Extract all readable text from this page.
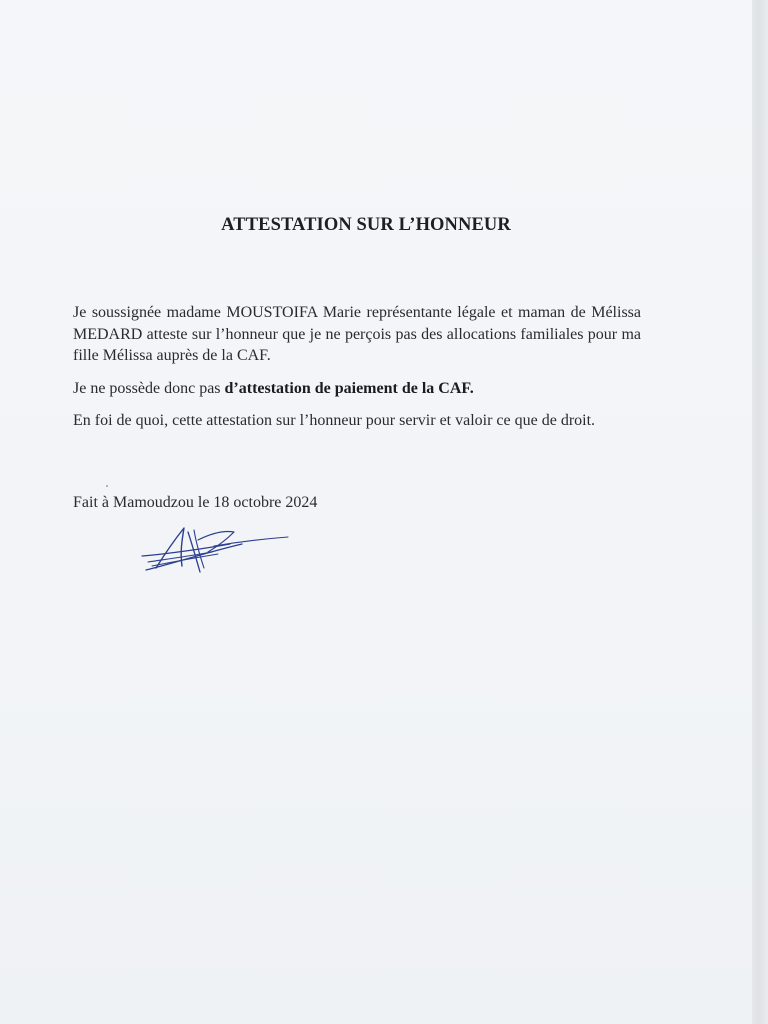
ATTESTATION SUR L’HONNEUR

Je soussignée madame MOUSTOIFA Marie représentante légale et maman de Mélissa MEDARD atteste sur l’honneur que je ne perçois pas des allocations familiales pour ma fille Mélissa auprès de la CAF.

Je ne possède donc pas d’attestation de paiement de la CAF.

En foi de quoi, cette attestation sur l’honneur pour servir et valoir ce que de droit.

Fait à Mamoudzou le 18 octobre 2024
